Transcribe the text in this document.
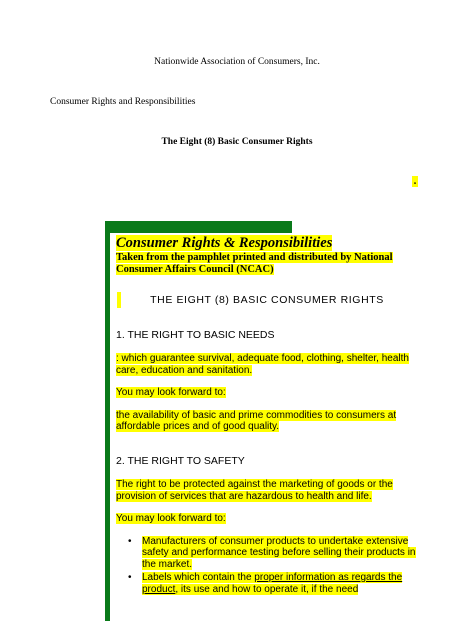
Nationwide Association of Consumers, Inc.
Consumer Rights and Responsibilities
The Eight (8) Basic Consumer Rights
.
Consumer Rights & Responsibilities
Taken from the pamphlet printed and distributed by National Consumer Affairs Council (NCAC)
THE EIGHT (8) BASIC CONSUMER RIGHTS
1. THE RIGHT TO BASIC NEEDS
: which guarantee survival, adequate food, clothing, shelter, health care, education and sanitation.
You may look forward to:
the availability of basic and prime commodities to consumers at affordable prices and of good quality.
2. THE RIGHT TO SAFETY
The right to be protected against the marketing of goods or the provision of services that are hazardous to health and life.
You may look forward to:
• Manufacturers of consumer products to undertake extensive safety and performance testing before selling their products in the market.
• Labels which contain the proper information as regards the product, its use and how to operate it, if the need
